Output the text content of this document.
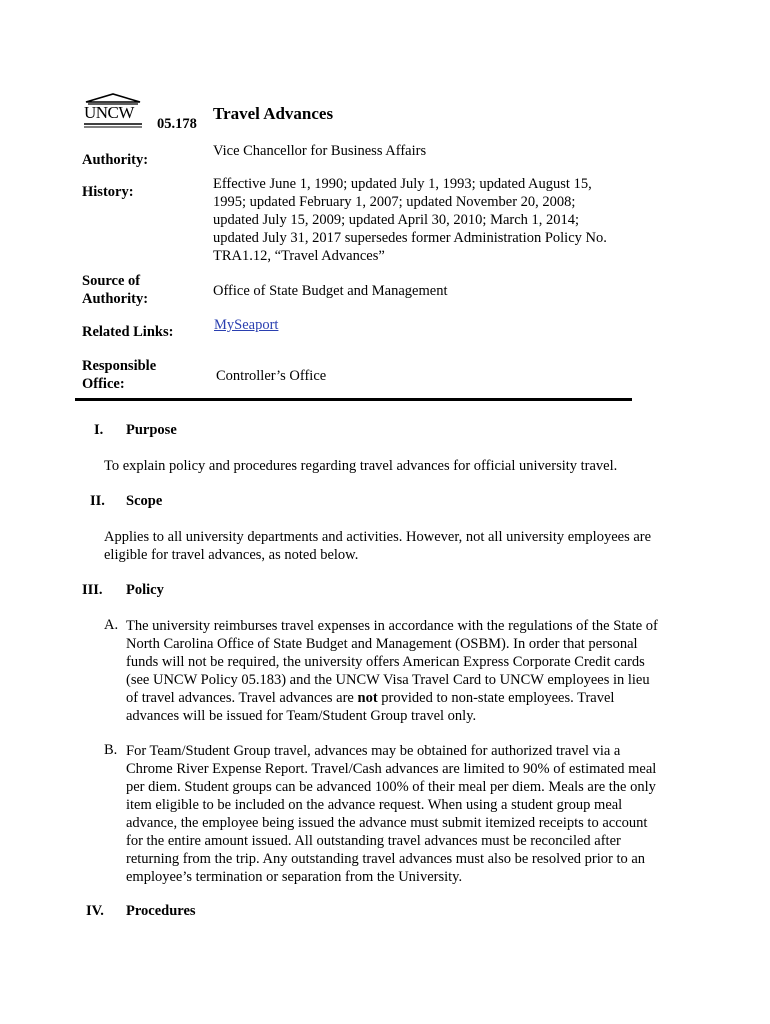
UNCW
05.178
Travel Advances
Authority:
Vice Chancellor for Business Affairs
History:	Effective June 1, 1990; updated July 1, 1993; updated August 15,
1995; updated February 1, 2007; updated November 20, 2008;
updated July 15, 2009; updated April 30, 2010; March 1, 2014;
updated July 31, 2017 supersedes former Administration Policy No.
TRA1.12, “Travel Advances”
Source of
Authority:	Office of State Budget and Management
Related Links:	MySeaport
Responsible
Office:	Controller’s Office
I. Purpose
To explain policy and procedures regarding travel advances for official university travel.
II. Scope
Applies to all university departments and activities. However, not all university employees are
eligible for travel advances, as noted below.
III. Policy
A. The university reimburses travel expenses in accordance with the regulations of the State of
North Carolina Office of State Budget and Management (OSBM). In order that personal
funds will not be required, the university offers American Express Corporate Credit cards
(see UNCW Policy 05.183) and the UNCW Visa Travel Card to UNCW employees in lieu
of travel advances. Travel advances are not provided to non-state employees. Travel
advances will be issued for Team/Student Group travel only.
B. For Team/Student Group travel, advances may be obtained for authorized travel via a
Chrome River Expense Report. Travel/Cash advances are limited to 90% of estimated meal
per diem. Student groups can be advanced 100% of their meal per diem. Meals are the only
item eligible to be included on the advance request. When using a student group meal
advance, the employee being issued the advance must submit itemized receipts to account
for the entire amount issued. All outstanding travel advances must be reconciled after
returning from the trip. Any outstanding travel advances must also be resolved prior to an
employee’s termination or separation from the University.
IV. Procedures
